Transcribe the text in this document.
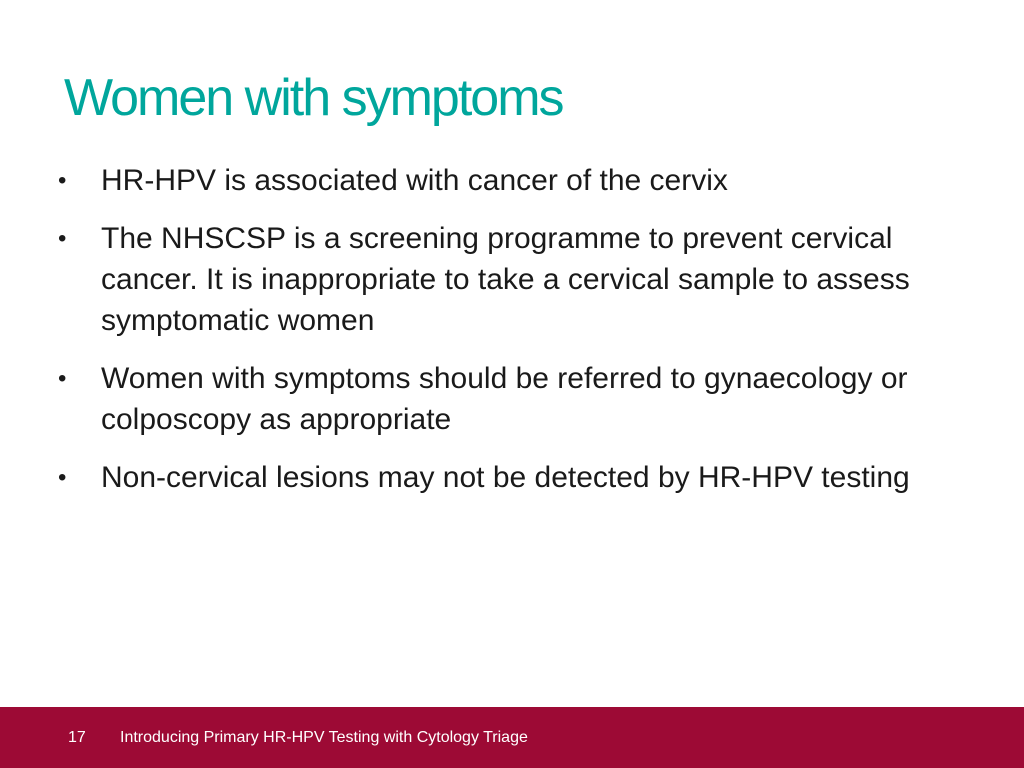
Women with symptoms
•	HR-HPV is associated with cancer of the cervix
•	The NHSCSP is a screening programme to prevent cervical cancer. It is inappropriate to take a cervical sample to assess symptomatic women
•	Women with symptoms should be referred to gynaecology or colposcopy as appropriate
•	Non-cervical lesions may not be detected by HR-HPV testing
17 Introducing Primary HR-HPV Testing with Cytology Triage
